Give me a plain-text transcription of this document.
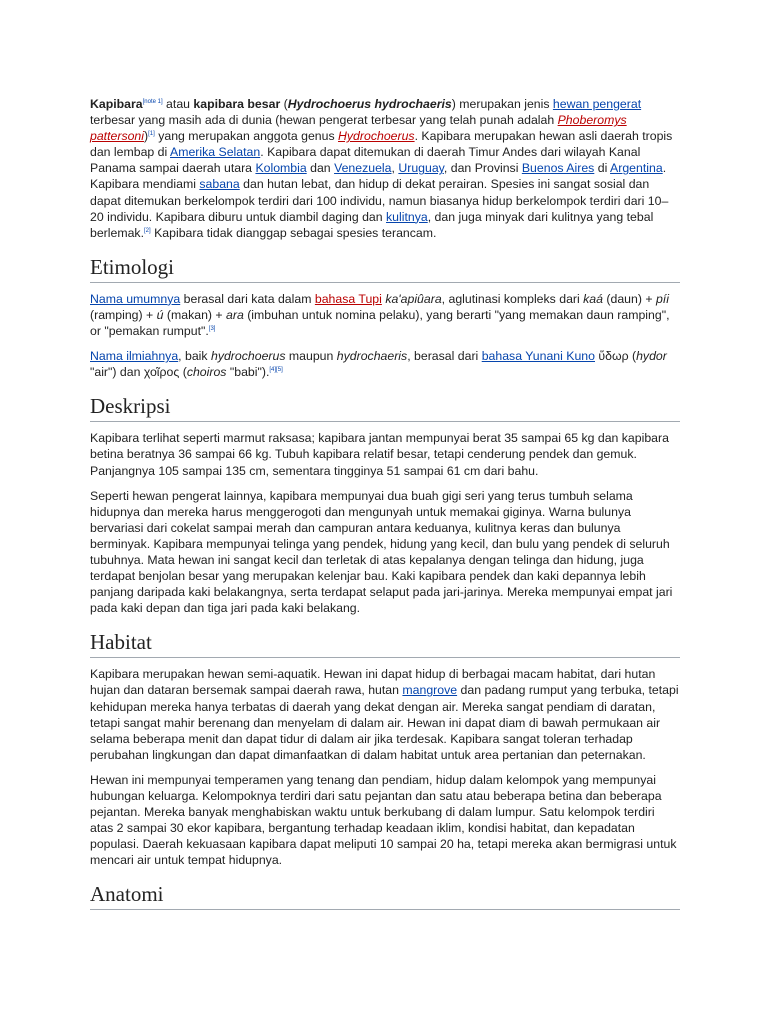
Kapibara[note 1] atau kapibara besar (Hydrochoerus hydrochaeris) merupakan jenis hewan pengerat terbesar yang masih ada di dunia (hewan pengerat terbesar yang telah punah adalah Phoberomys pattersoni)[1] yang merupakan anggota genus Hydrochoerus. Kapibara merupakan hewan asli daerah tropis dan lembap di Amerika Selatan. Kapibara dapat ditemukan di daerah Timur Andes dari wilayah Kanal Panama sampai daerah utara Kolombia dan Venezuela, Uruguay, dan Provinsi Buenos Aires di Argentina. Kapibara mendiami sabana dan hutan lebat, dan hidup di dekat perairan. Spesies ini sangat sosial dan dapat ditemukan berkelompok terdiri dari 100 individu, namun biasanya hidup berkelompok terdiri dari 10–20 individu. Kapibara diburu untuk diambil daging dan kulitnya, dan juga minyak dari kulitnya yang tebal berlemak.[2] Kapibara tidak dianggap sebagai spesies terancam.

Etimologi

Nama umumnya berasal dari kata dalam bahasa Tupi ka'apiûara, aglutinasi kompleks dari kaá (daun) + píi (ramping) + ú (makan) + ara (imbuhan untuk nomina pelaku), yang berarti "yang memakan daun ramping", or "pemakan rumput".[3]

Nama ilmiahnya, baik hydrochoerus maupun hydrochaeris, berasal dari bahasa Yunani Kuno ὕδωρ (hydor "air") dan χοῖρος (choiros "babi").[4][5]

Deskripsi

Kapibara terlihat seperti marmut raksasa; kapibara jantan mempunyai berat 35 sampai 65 kg dan kapibara betina beratnya 36 sampai 66 kg. Tubuh kapibara relatif besar, tetapi cenderung pendek dan gemuk. Panjangnya 105 sampai 135 cm, sementara tingginya 51 sampai 61 cm dari bahu.

Seperti hewan pengerat lainnya, kapibara mempunyai dua buah gigi seri yang terus tumbuh selama hidupnya dan mereka harus menggerogoti dan mengunyah untuk memakai giginya. Warna bulunya bervariasi dari cokelat sampai merah dan campuran antara keduanya, kulitnya keras dan bulunya berminyak. Kapibara mempunyai telinga yang pendek, hidung yang kecil, dan bulu yang pendek di seluruh tubuhnya. Mata hewan ini sangat kecil dan terletak di atas kepalanya dengan telinga dan hidung, juga terdapat benjolan besar yang merupakan kelenjar bau. Kaki kapibara pendek dan kaki depannya lebih panjang daripada kaki belakangnya, serta terdapat selaput pada jari-jarinya. Mereka mempunyai empat jari pada kaki depan dan tiga jari pada kaki belakang.

Habitat

Kapibara merupakan hewan semi-aquatik. Hewan ini dapat hidup di berbagai macam habitat, dari hutan hujan dan dataran bersemak sampai daerah rawa, hutan mangrove dan padang rumput yang terbuka, tetapi kehidupan mereka hanya terbatas di daerah yang dekat dengan air. Mereka sangat pendiam di daratan, tetapi sangat mahir berenang dan menyelam di dalam air. Hewan ini dapat diam di bawah permukaan air selama beberapa menit dan dapat tidur di dalam air jika terdesak. Kapibara sangat toleran terhadap perubahan lingkungan dan dapat dimanfaatkan di dalam habitat untuk area pertanian dan peternakan.

Hewan ini mempunyai temperamen yang tenang dan pendiam, hidup dalam kelompok yang mempunyai hubungan keluarga. Kelompoknya terdiri dari satu pejantan dan satu atau beberapa betina dan beberapa pejantan. Mereka banyak menghabiskan waktu untuk berkubang di dalam lumpur. Satu kelompok terdiri atas 2 sampai 30 ekor kapibara, bergantung terhadap keadaan iklim, kondisi habitat, dan kepadatan populasi. Daerah kekuasaan kapibara dapat meliputi 10 sampai 20 ha, tetapi mereka akan bermigrasi untuk mencari air untuk tempat hidupnya.

Anatomi
